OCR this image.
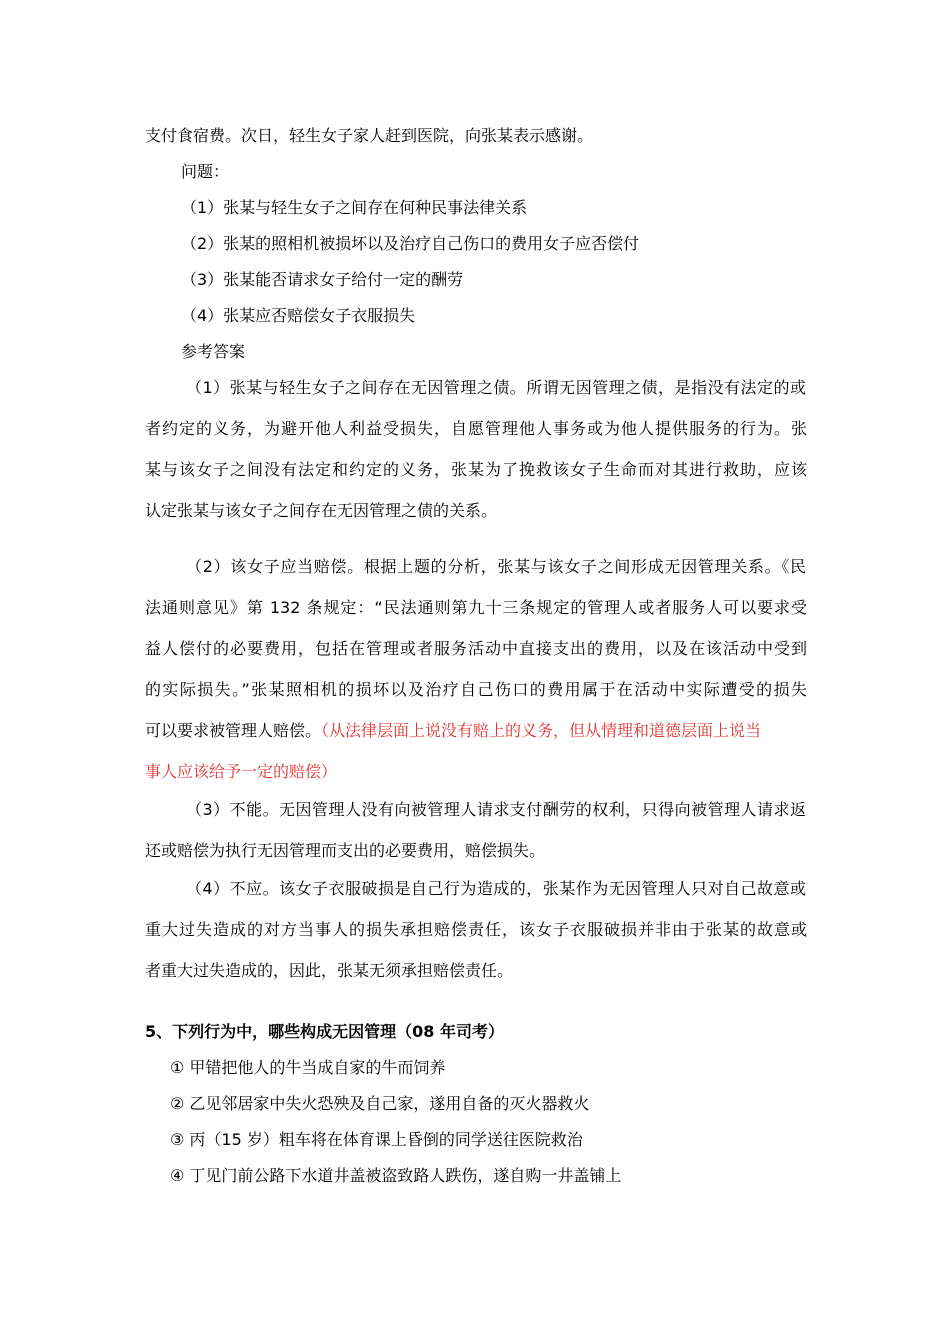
支付食宿费。次日，轻生女子家人赶到医院，向张某表示感谢。
问题：
（1）张某与轻生女子之间存在何种民事法律关系
（2）张某的照相机被损坏以及治疗自己伤口的费用女子应否偿付
（3）张某能否请求女子给付一定的酬劳
（4）张某应否赔偿女子衣服损失
参考答案
（1）张某与轻生女子之间存在无因管理之债。所谓无因管理之债，是指没有法定的或
者约定的义务，为避开他人利益受损失，自愿管理他人事务或为他人提供服务的行为。张
某与该女子之间没有法定和约定的义务，张某为了挽救该女子生命而对其进行救助，应该
认定张某与该女子之间存在无因管理之债的关系。
（2）该女子应当赔偿。根据上题的分析，张某与该女子之间形成无因管理关系。《民
法通则意见》第 132 条规定：“民法通则第九十三条规定的管理人或者服务人可以要求受
益人偿付的必要费用，包括在管理或者服务活动中直接支出的费用，以及在该活动中受到
的实际损失。”张某照相机的损坏以及治疗自己伤口的费用属于在活动中实际遭受的损失
可以要求被管理人赔偿。（从法律层面上说没有赔上的义务，但从情理和道德层面上说当
事人应该给予一定的赔偿）
（3）不能。无因管理人没有向被管理人请求支付酬劳的权利，只得向被管理人请求返
还或赔偿为执行无因管理而支出的必要费用，赔偿损失。
（4）不应。该女子衣服破损是自己行为造成的，张某作为无因管理人只对自己故意或
重大过失造成的对方当事人的损失承担赔偿责任，该女子衣服破损并非由于张某的故意或
者重大过失造成的，因此，张某无须承担赔偿责任。
5、下列行为中，哪些构成无因管理（08 年司考）
① 甲错把他人的牛当成自家的牛而饲养
② 乙见邻居家中失火恐殃及自己家，遂用自备的灭火器救火
③ 丙（15 岁）粗车将在体育课上昏倒的同学送往医院救治
④ 丁见门前公路下水道井盖被盗致路人跌伤，遂自购一井盖铺上
